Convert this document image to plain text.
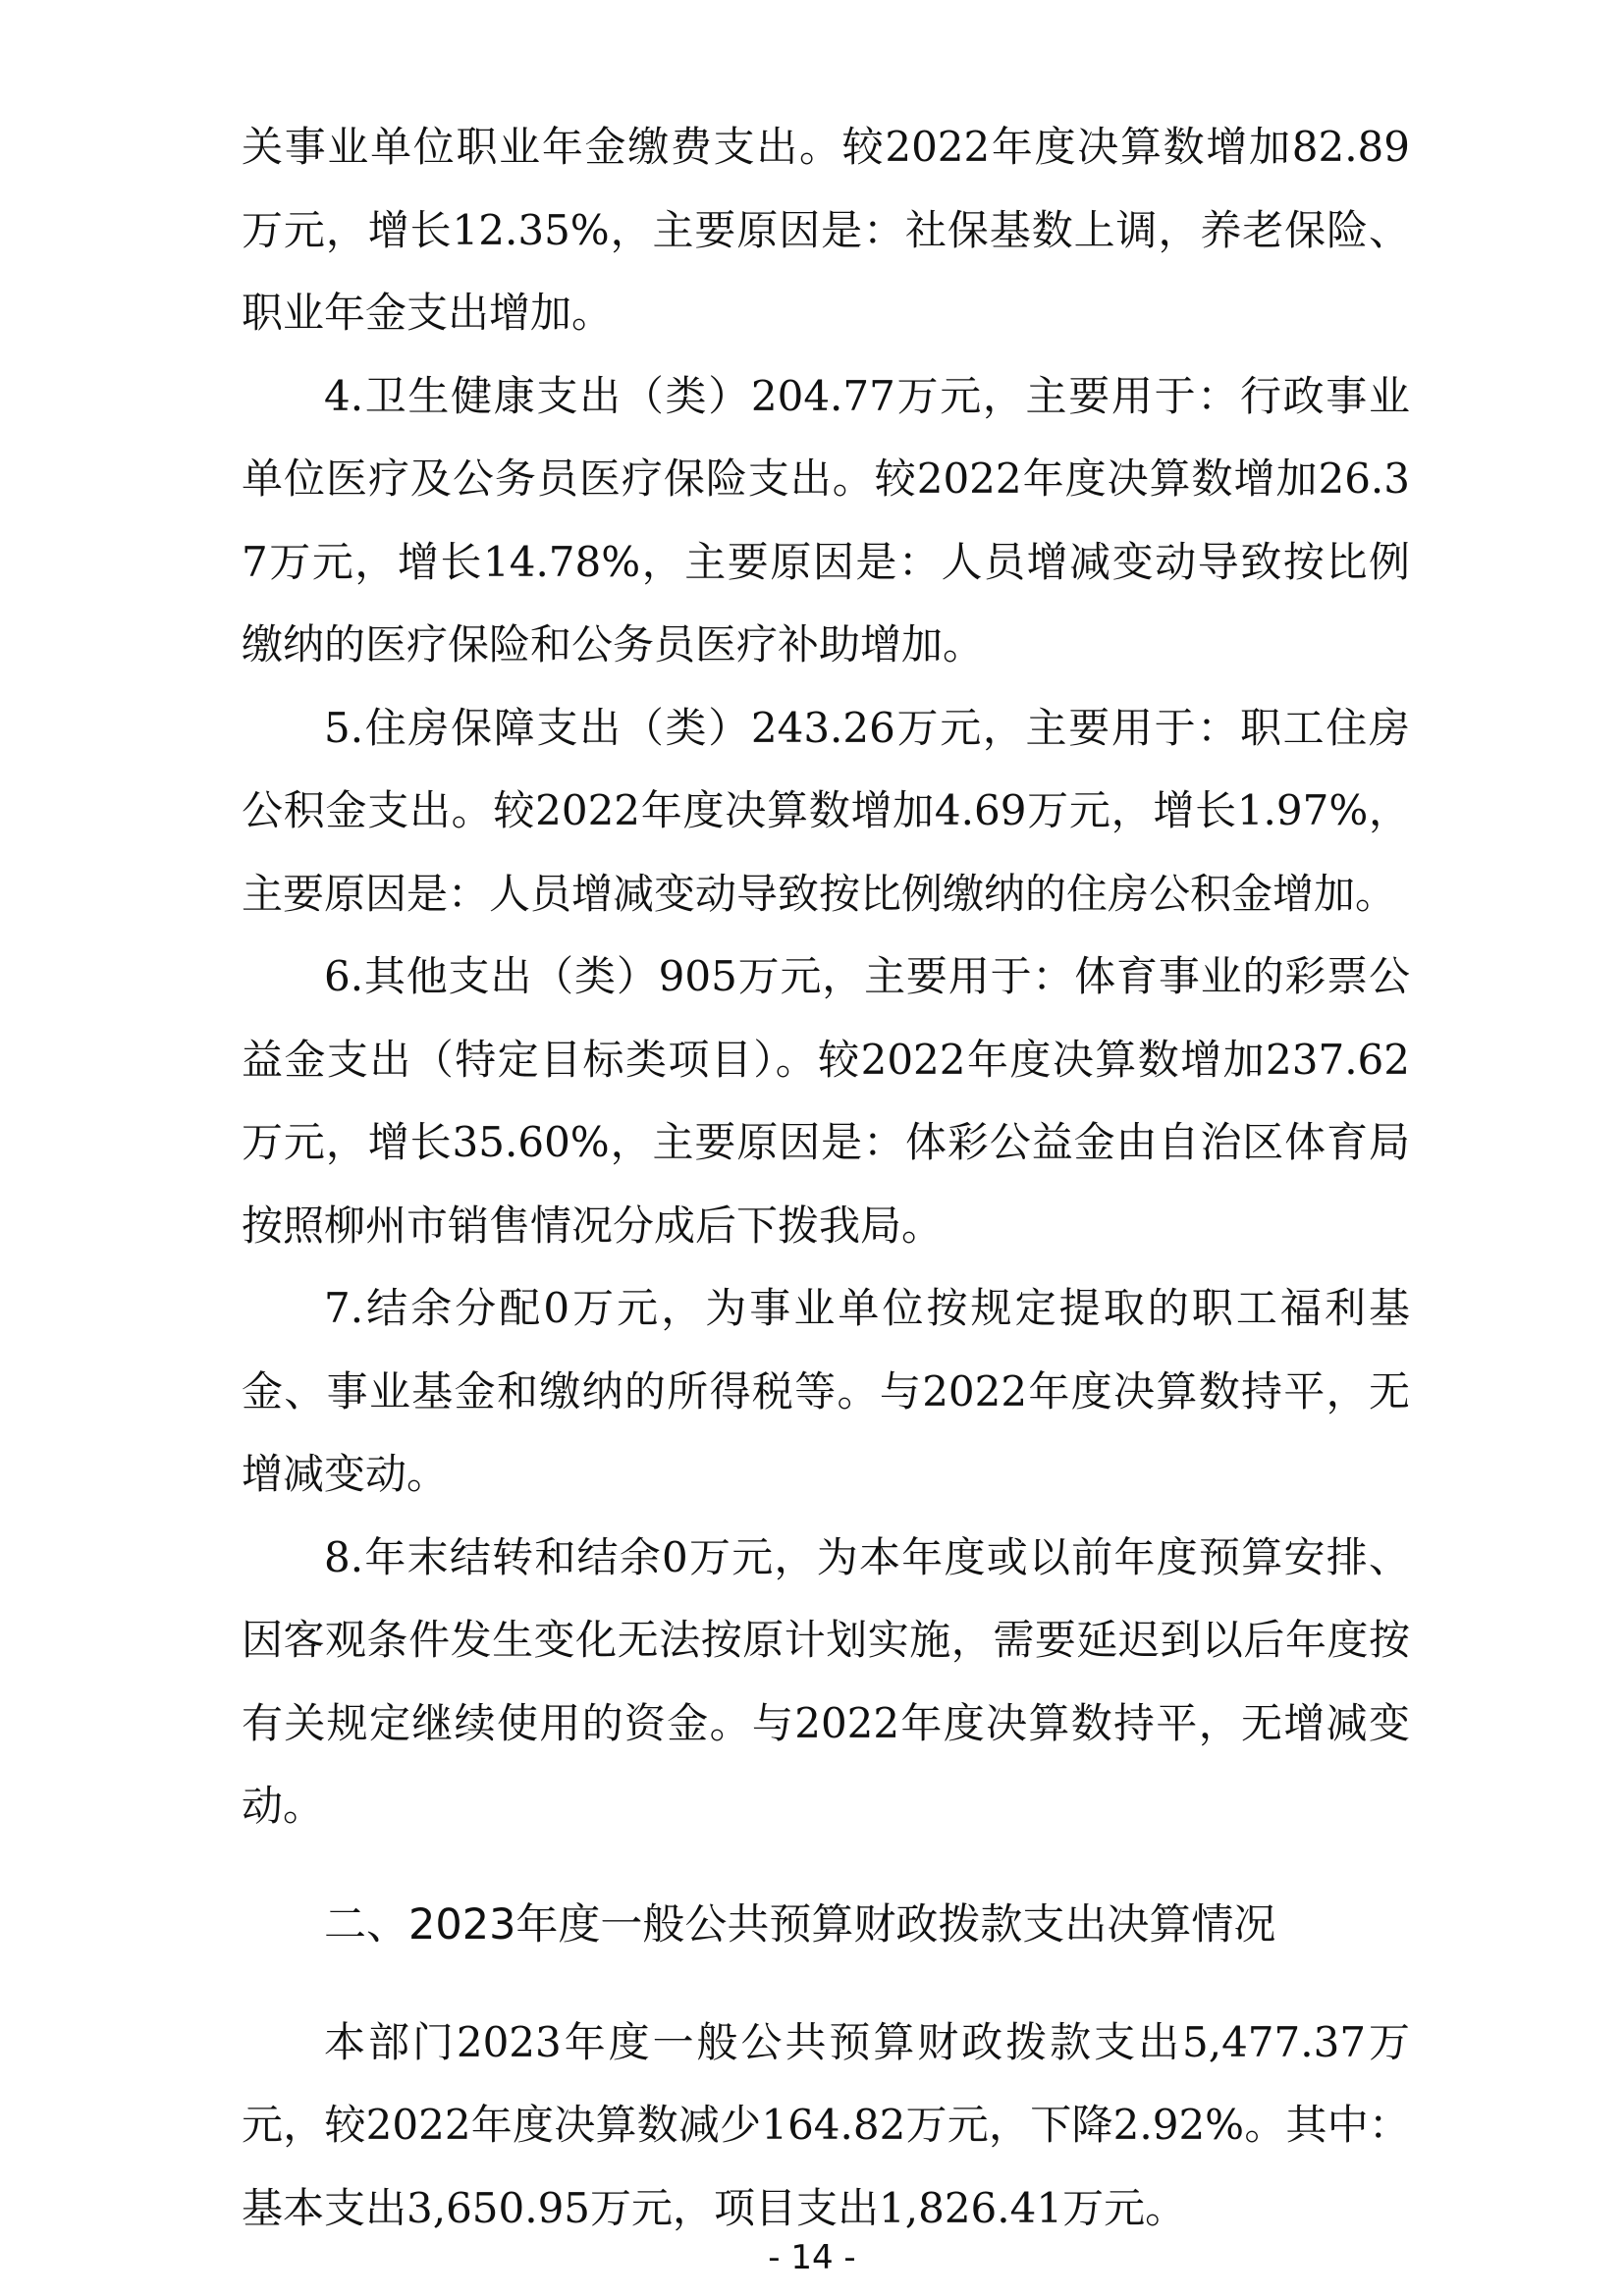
关事业单位职业年金缴费支出。较2022年度决算数增加82.89万元，增长12.35%，主要原因是：社保基数上调，养老保险、职业年金支出增加。

4.卫生健康支出（类）204.77万元，主要用于：行政事业单位医疗及公务员医疗保险支出。较2022年度决算数增加26.37万元，增长14.78%，主要原因是：人员增减变动导致按比例缴纳的医疗保险和公务员医疗补助增加。

5.住房保障支出（类）243.26万元，主要用于：职工住房公积金支出。较2022年度决算数增加4.69万元，增长1.97%，主要原因是：人员增减变动导致按比例缴纳的住房公积金增加。

6.其他支出（类）905万元，主要用于：体育事业的彩票公益金支出（特定目标类项目）。较2022年度决算数增加237.62万元，增长35.60%，主要原因是：体彩公益金由自治区体育局按照柳州市销售情况分成后下拨我局。

7.结余分配0万元，为事业单位按规定提取的职工福利基金、事业基金和缴纳的所得税等。与2022年度决算数持平，无增减变动。

8.年末结转和结余0万元，为本年度或以前年度预算安排、因客观条件发生变化无法按原计划实施，需要延迟到以后年度按有关规定继续使用的资金。与2022年度决算数持平，无增减变动。

二、2023年度一般公共预算财政拨款支出决算情况

本部门2023年度一般公共预算财政拨款支出5,477.37万元，较2022年度决算数减少164.82万元，下降2.92%。其中：基本支出3,650.95万元，项目支出1,826.41万元。

- 14 -
